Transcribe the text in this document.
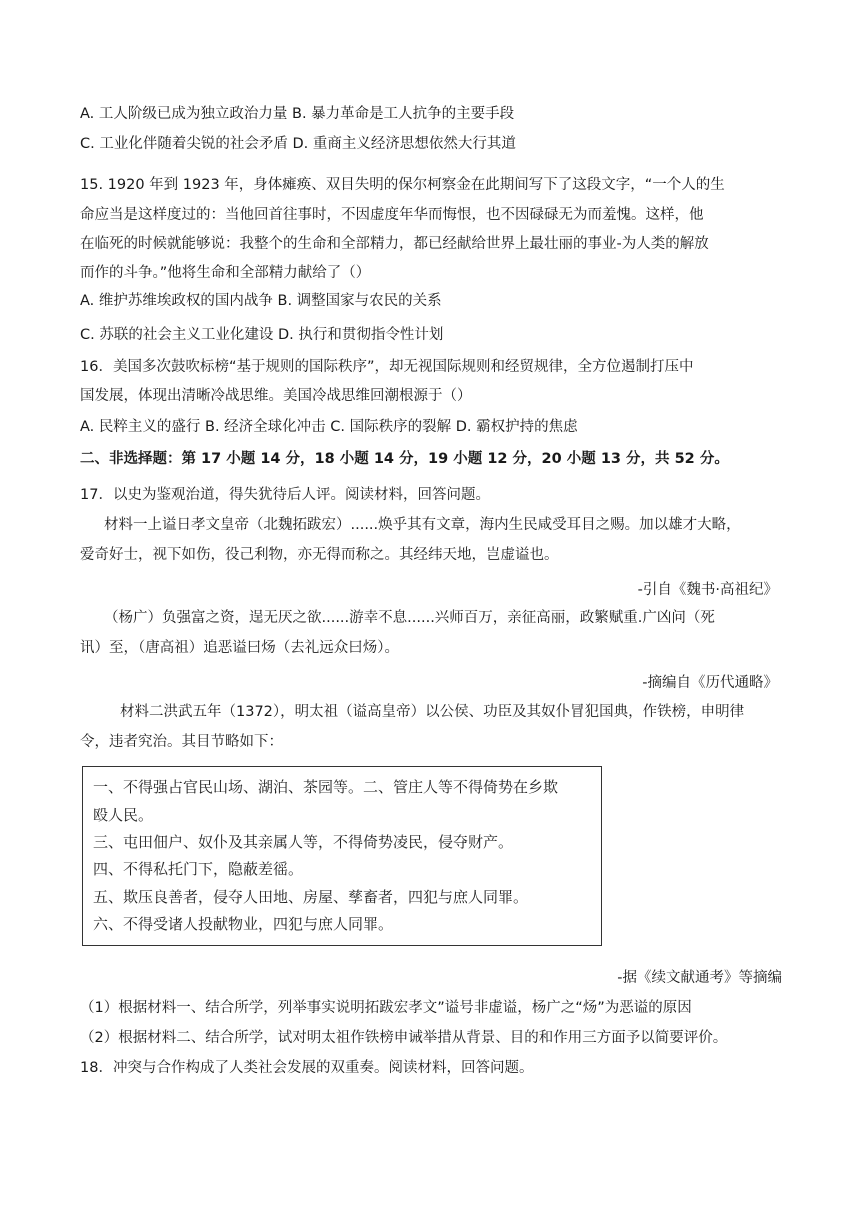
A. 工人阶级已成为独立政治力量 B. 暴力革命是工人抗争的主要手段
C. 工业化伴随着尖锐的社会矛盾 D. 重商主义经济思想依然大行其道
15. 1920 年到 1923 年，身体瘫痪、双目失明的保尔柯察金在此期间写下了这段文字，“一个人的生
命应当是这样度过的：当他回首往事时，不因虚度年华而悔恨，也不因碌碌无为而羞愧。这样，他
在临死的时候就能够说：我整个的生命和全部精力，都已经献给世界上最壮丽的事业-为人类的解放
而作的斗争。”他将生命和全部精力献给了（）
A. 维护苏维埃政权的国内战争 B. 调整国家与农民的关系
C. 苏联的社会主义工业化建设 D. 执行和贯彻指令性计划
16．美国多次鼓吹标榜“基于规则的国际秩序”，却无视国际规则和经贸规律，全方位遏制打压中
国发展，体现出清晰冷战思维。美国冷战思维回潮根源于（）
A. 民粹主义的盛行 B. 经济全球化冲击 C. 国际秩序的裂解 D. 霸权护持的焦虑
二、非选择题：第 17 小题 14 分，18 小题 14 分，19 小题 12 分，20 小题 13 分，共 52 分。
17．以史为鉴观治道，得失犹待后人评。阅读材料，回答问题。
材料一上谥日孝文皇帝（北魏拓跋宏）......焕乎其有文章，海内生民咸受耳目之赐。加以雄才大略，
爱奇好士，视下如伤，役己利物，亦无得而称之。其经纬天地，岂虚谥也。
-引自《魏书·高祖纪》
（杨广）负强富之资，逞无厌之欲......游幸不息......兴师百万，亲征高丽，政繁赋重.广凶问（死
讯）至，（唐高祖）追恶谥曰炀（去礼远众曰炀）。
-摘编自《历代通略》
材料二洪武五年（1372），明太祖（谥高皇帝）以公侯、功臣及其奴仆冒犯国典，作铁榜，申明律
令，违者究治。其目节略如下：
一、不得强占官民山场、湖泊、茶园等。二、管庄人等不得倚势在乡欺
殴人民。
三、屯田佃户、奴仆及其亲属人等，不得倚势凌民，侵夺财产。
四、不得私托门下，隐蔽差徭。
五、欺压良善者，侵夺人田地、房屋、孳畜者，四犯与庶人同罪。
六、不得受诸人投献物业，四犯与庶人同罪。
-据《续文献通考》等摘编
（1）根据材料一、结合所学，列举事实说明拓跋宏孝文”谥号非虚谥，杨广之“炀”为恶谥的原因
（2）根据材料二、结合所学，试对明太祖作铁榜申诫举措从背景、目的和作用三方面予以简要评价。
18．冲突与合作构成了人类社会发展的双重奏。阅读材料，回答问题。
